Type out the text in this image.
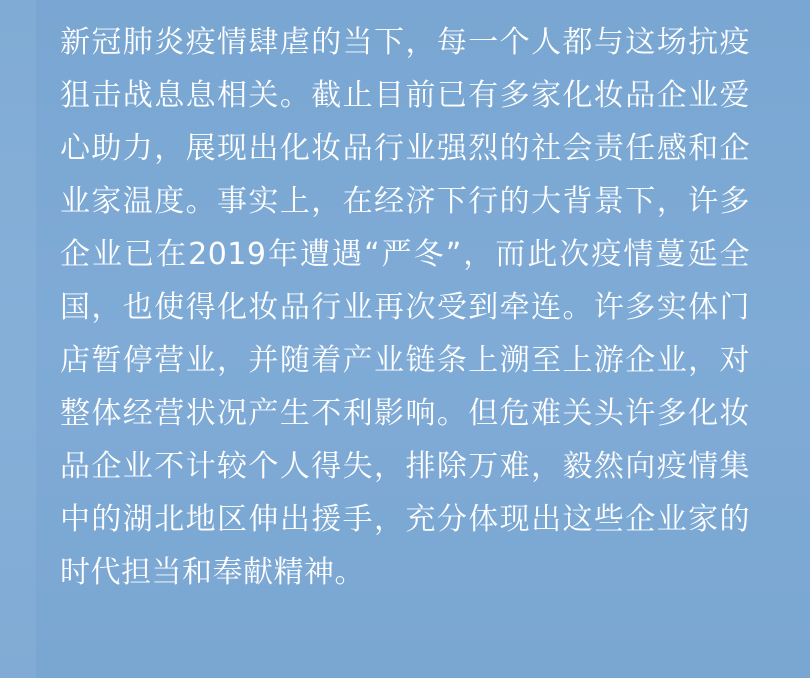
新冠肺炎疫情肆虐的当下，每一个人都与这场抗疫狙击战息息相关。截止目前已有多家化妆品企业爱心助力，展现出化妆品行业强烈的社会责任感和企业家温度。事实上，在经济下行的大背景下，许多企业已在2019年遭遇“严冬”，而此次疫情蔓延全国，也使得化妆品行业再次受到牵连。许多实体门店暂停营业，并随着产业链条上溯至上游企业，对整体经营状况产生不利影响。但危难关头许多化妆品企业不计较个人得失，排除万难，毅然向疫情集中的湖北地区伸出援手，充分体现出这些企业家的时代担当和奉献精神。
